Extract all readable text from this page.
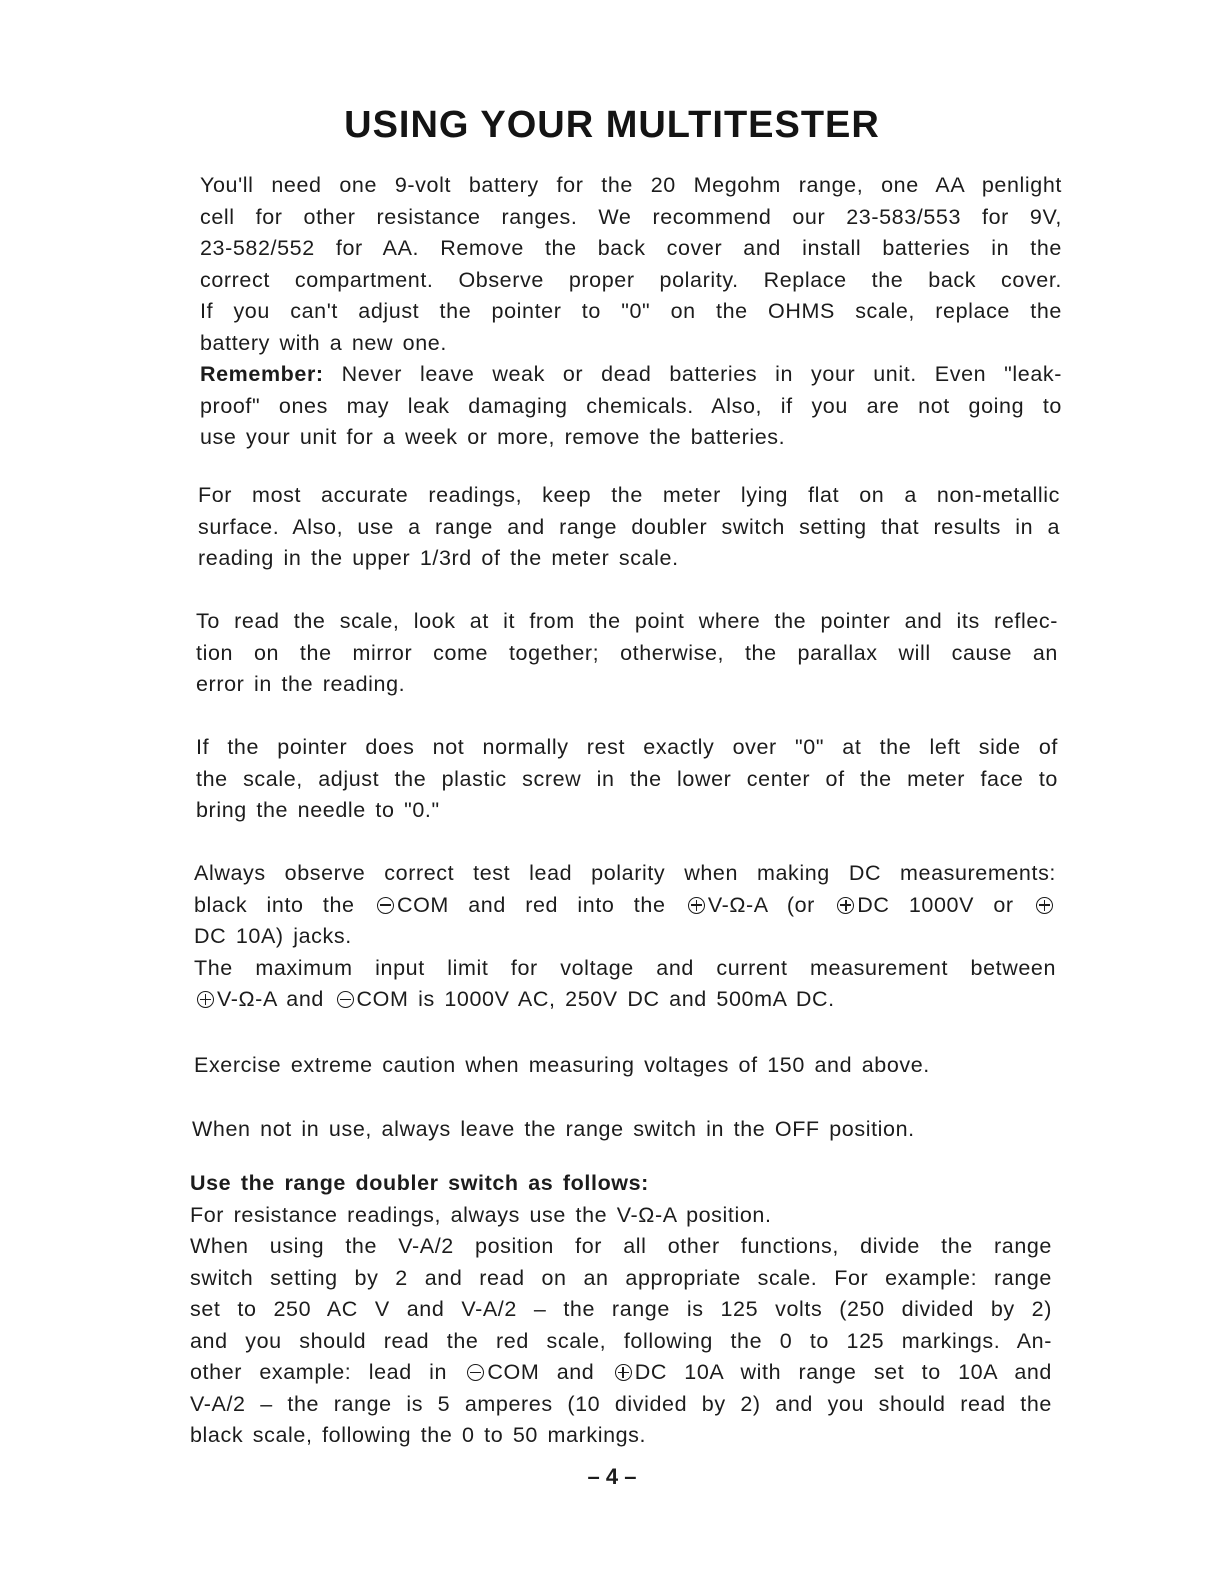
USING YOUR MULTITESTER
You'll need one 9-volt battery for the 20 Megohm range, one AA penlight
cell for other resistance ranges. We recommend our 23-583/553 for 9V,
23-582/552 for AA. Remove the back cover and install batteries in the
correct compartment. Observe proper polarity. Replace the back cover.
If you can't adjust the pointer to "0" on the OHMS scale, replace the
battery with a new one.
Remember: Never leave weak or dead batteries in your unit. Even "leak-
proof" ones may leak damaging chemicals. Also, if you are not going to
use your unit for a week or more, remove the batteries.
For most accurate readings, keep the meter lying flat on a non-metallic
surface. Also, use a range and range doubler switch setting that results in a
reading in the upper 1/3rd of the meter scale.
To read the scale, look at it from the point where the pointer and its reflec-
tion on the mirror come together; otherwise, the parallax will cause an
error in the reading.
If the pointer does not normally rest exactly over "0" at the left side of
the scale, adjust the plastic screw in the lower center of the meter face to
bring the needle to "0."
Always observe correct test lead polarity when making DC measurements:
black into the COM and red into the V-Ω-A (or DC 1000V or
DC 10A) jacks.
The maximum input limit for voltage and current measurement between
V-Ω-A and COM is 1000V AC, 250V DC and 500mA DC.
Exercise extreme caution when measuring voltages of 150 and above.
When not in use, always leave the range switch in the OFF position.
Use the range doubler switch as follows:
For resistance readings, always use the V-Ω-A position.
When using the V-A/2 position for all other functions, divide the range
switch setting by 2 and read on an appropriate scale. For example: range
set to 250 AC V and V-A/2 – the range is 125 volts (250 divided by 2)
and you should read the red scale, following the 0 to 125 markings. An-
other example: lead in COM and DC 10A with range set to 10A and
V-A/2 – the range is 5 amperes (10 divided by 2) and you should read the
black scale, following the 0 to 50 markings.
– 4 –
